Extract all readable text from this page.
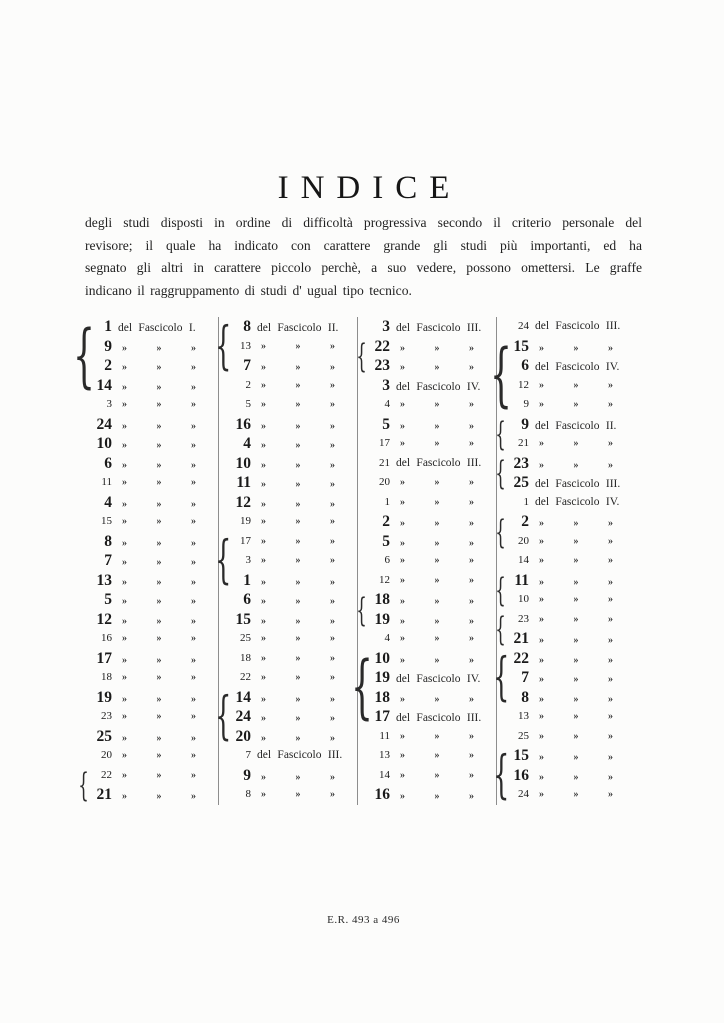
INDICE
degli studi disposti in ordine di difficoltà progressiva secondo il criterio personale del
revisore; il quale ha indicato con carattere grande gli studi più importanti, ed ha
segnato gli altri in carattere piccolo perchè, a suo vedere, possono omettersi. Le graffe
indicano il raggruppamento di studi d' ugual tipo tecnico.
{
{
1 del Fascicolo I.
9 »	»	»
2 »	»	»
14 »	»	»
3 »	»	»
24 »	»	»
10 »	»	»
6 »	»	»
11 »	»	»
4 »	»	»
15 »	»	»
8 »	»	»
7 »	»	»
13 »	»	»
5 »	»	»
12 »	»	»
16 »	»	»
17 »	»	»
18 »	»	»
19 »	»	»
23 »	»	»
25 »	»	»
20 »	»	»
22 »	»	»
21 »	»	»
{
{
{
8 del Fascicolo II.
13 »	»	»
7 »	»	»
2 »	»	»
5 »	»	»
16 »	»	»
4 »	»	»
10 »	»	»
11 »	»	»
12 »	»	»
19 »	»	»
17 »	»	»
3 »	»	»
1 »	»	»
6 »	»	»
15 »	»	»
25 »	»	»
18 »	»	»
22 »	»	»
14 »	»	»
24 »	»	»
20 »	»	»
7 del Fascicolo III.
9 »	»	»
8 »	»	»
{
{
{
3 del Fascicolo III.
22 »	»	»
23 »	»	»
3 del Fascicolo IV.
4 »	»	»
5 »	»	»
17 »	»	»
21 del Fascicolo III.
20 »	»	»
1 »	»	»
2 »	»	»
5 »	»	»
6 »	»	»
12 »	»	»
18 »	»	»
19 »	»	»
4 »	»	»
10 »	»	»
19 del Fascicolo IV.
18 »	»	»
17 del Fascicolo III.
11 »	»	»
13 »	»	»
14 »	»	»
16 »	»	»
{
{
{
{
{
{
{
{
24 del Fascicolo III.
15 »	»	»
6 del Fascicolo IV.
12 »	»	»
9 »	»	»
9 del Fascicolo II.
21 »	»	»
23 »	»	»
25 del Fascicolo III.
1 del Fascicolo IV.
2 »	»	»
20 »	»	»
14 »	»	»
11 »	»	»
10 »	»	»
23 »	»	»
21 »	»	»
22 »	»	»
7 »	»	»
8 »	»	»
13 »	»	»
25 »	»	»
15 »	»	»
16 »	»	»
24 »	»	»
E.R. 493 a 496
